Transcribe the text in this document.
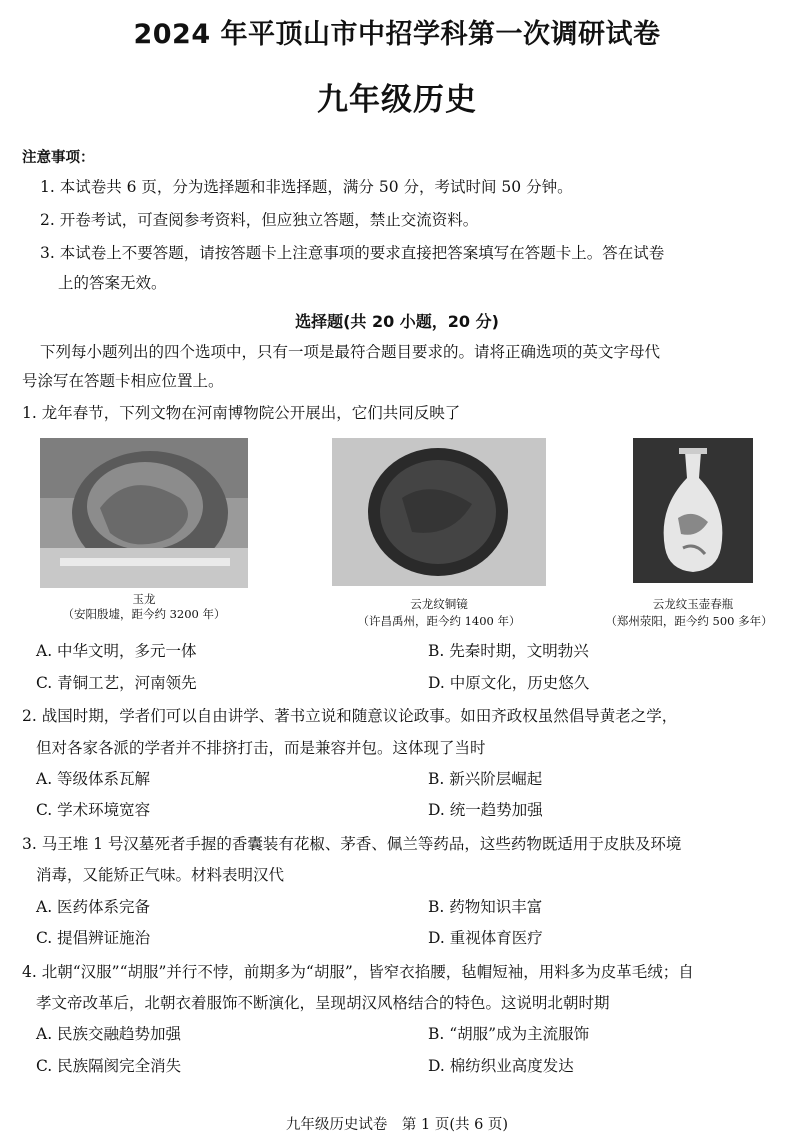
2024 年平顶山市中招学科第一次调研试卷
九年级历史
注意事项：
1. 本试卷共 6 页，分为选择题和非选择题，满分 50 分，考试时间 50 分钟。
2. 开卷考试，可查阅参考资料，但应独立答题，禁止交流资料。
3. 本试卷上不要答题，请按答题卡上注意事项的要求直接把答案填写在答题卡上。答在试卷
上的答案无效。
选择题(共 20 小题，20 分)
下列每小题列出的四个选项中，只有一项是最符合题目要求的。请将正确选项的英文字母代
号涂写在答题卡相应位置上。
1. 龙年春节，下列文物在河南博物院公开展出，它们共同反映了
玉龙
（安阳殷墟，距今约 3200 年）
云龙纹铜镜
（许昌禹州，距今约 1400 年）
云龙纹玉壶春瓶
（郑州荥阳，距今约 500 多年）
A. 中华文明，多元一体	B. 先秦时期，文明勃兴
C. 青铜工艺，河南领先	D. 中原文化，历史悠久
2. 战国时期，学者们可以自由讲学、著书立说和随意议论政事。如田齐政权虽然倡导黄老之学，
但对各家各派的学者并不排挤打击，而是兼容并包。这体现了当时
A. 等级体系瓦解	B. 新兴阶层崛起
C. 学术环境宽容	D. 统一趋势加强
3. 马王堆 1 号汉墓死者手握的香囊装有花椒、茅香、佩兰等药品，这些药物既适用于皮肤及环境
消毒，又能矫正气味。材料表明汉代
A. 医药体系完备	B. 药物知识丰富
C. 提倡辨证施治	D. 重视体育医疗
4. 北朝“汉服”“胡服”并行不悖，前期多为“胡服”，皆窄衣掐腰，毡帽短袖，用料多为皮革毛绒；自
孝文帝改革后，北朝衣着服饰不断演化，呈现胡汉风格结合的特色。这说明北朝时期
A. 民族交融趋势加强	B. “胡服”成为主流服饰
C. 民族隔阂完全消失	D. 棉纺织业高度发达
九年级历史试卷　第 1 页(共 6 页)
